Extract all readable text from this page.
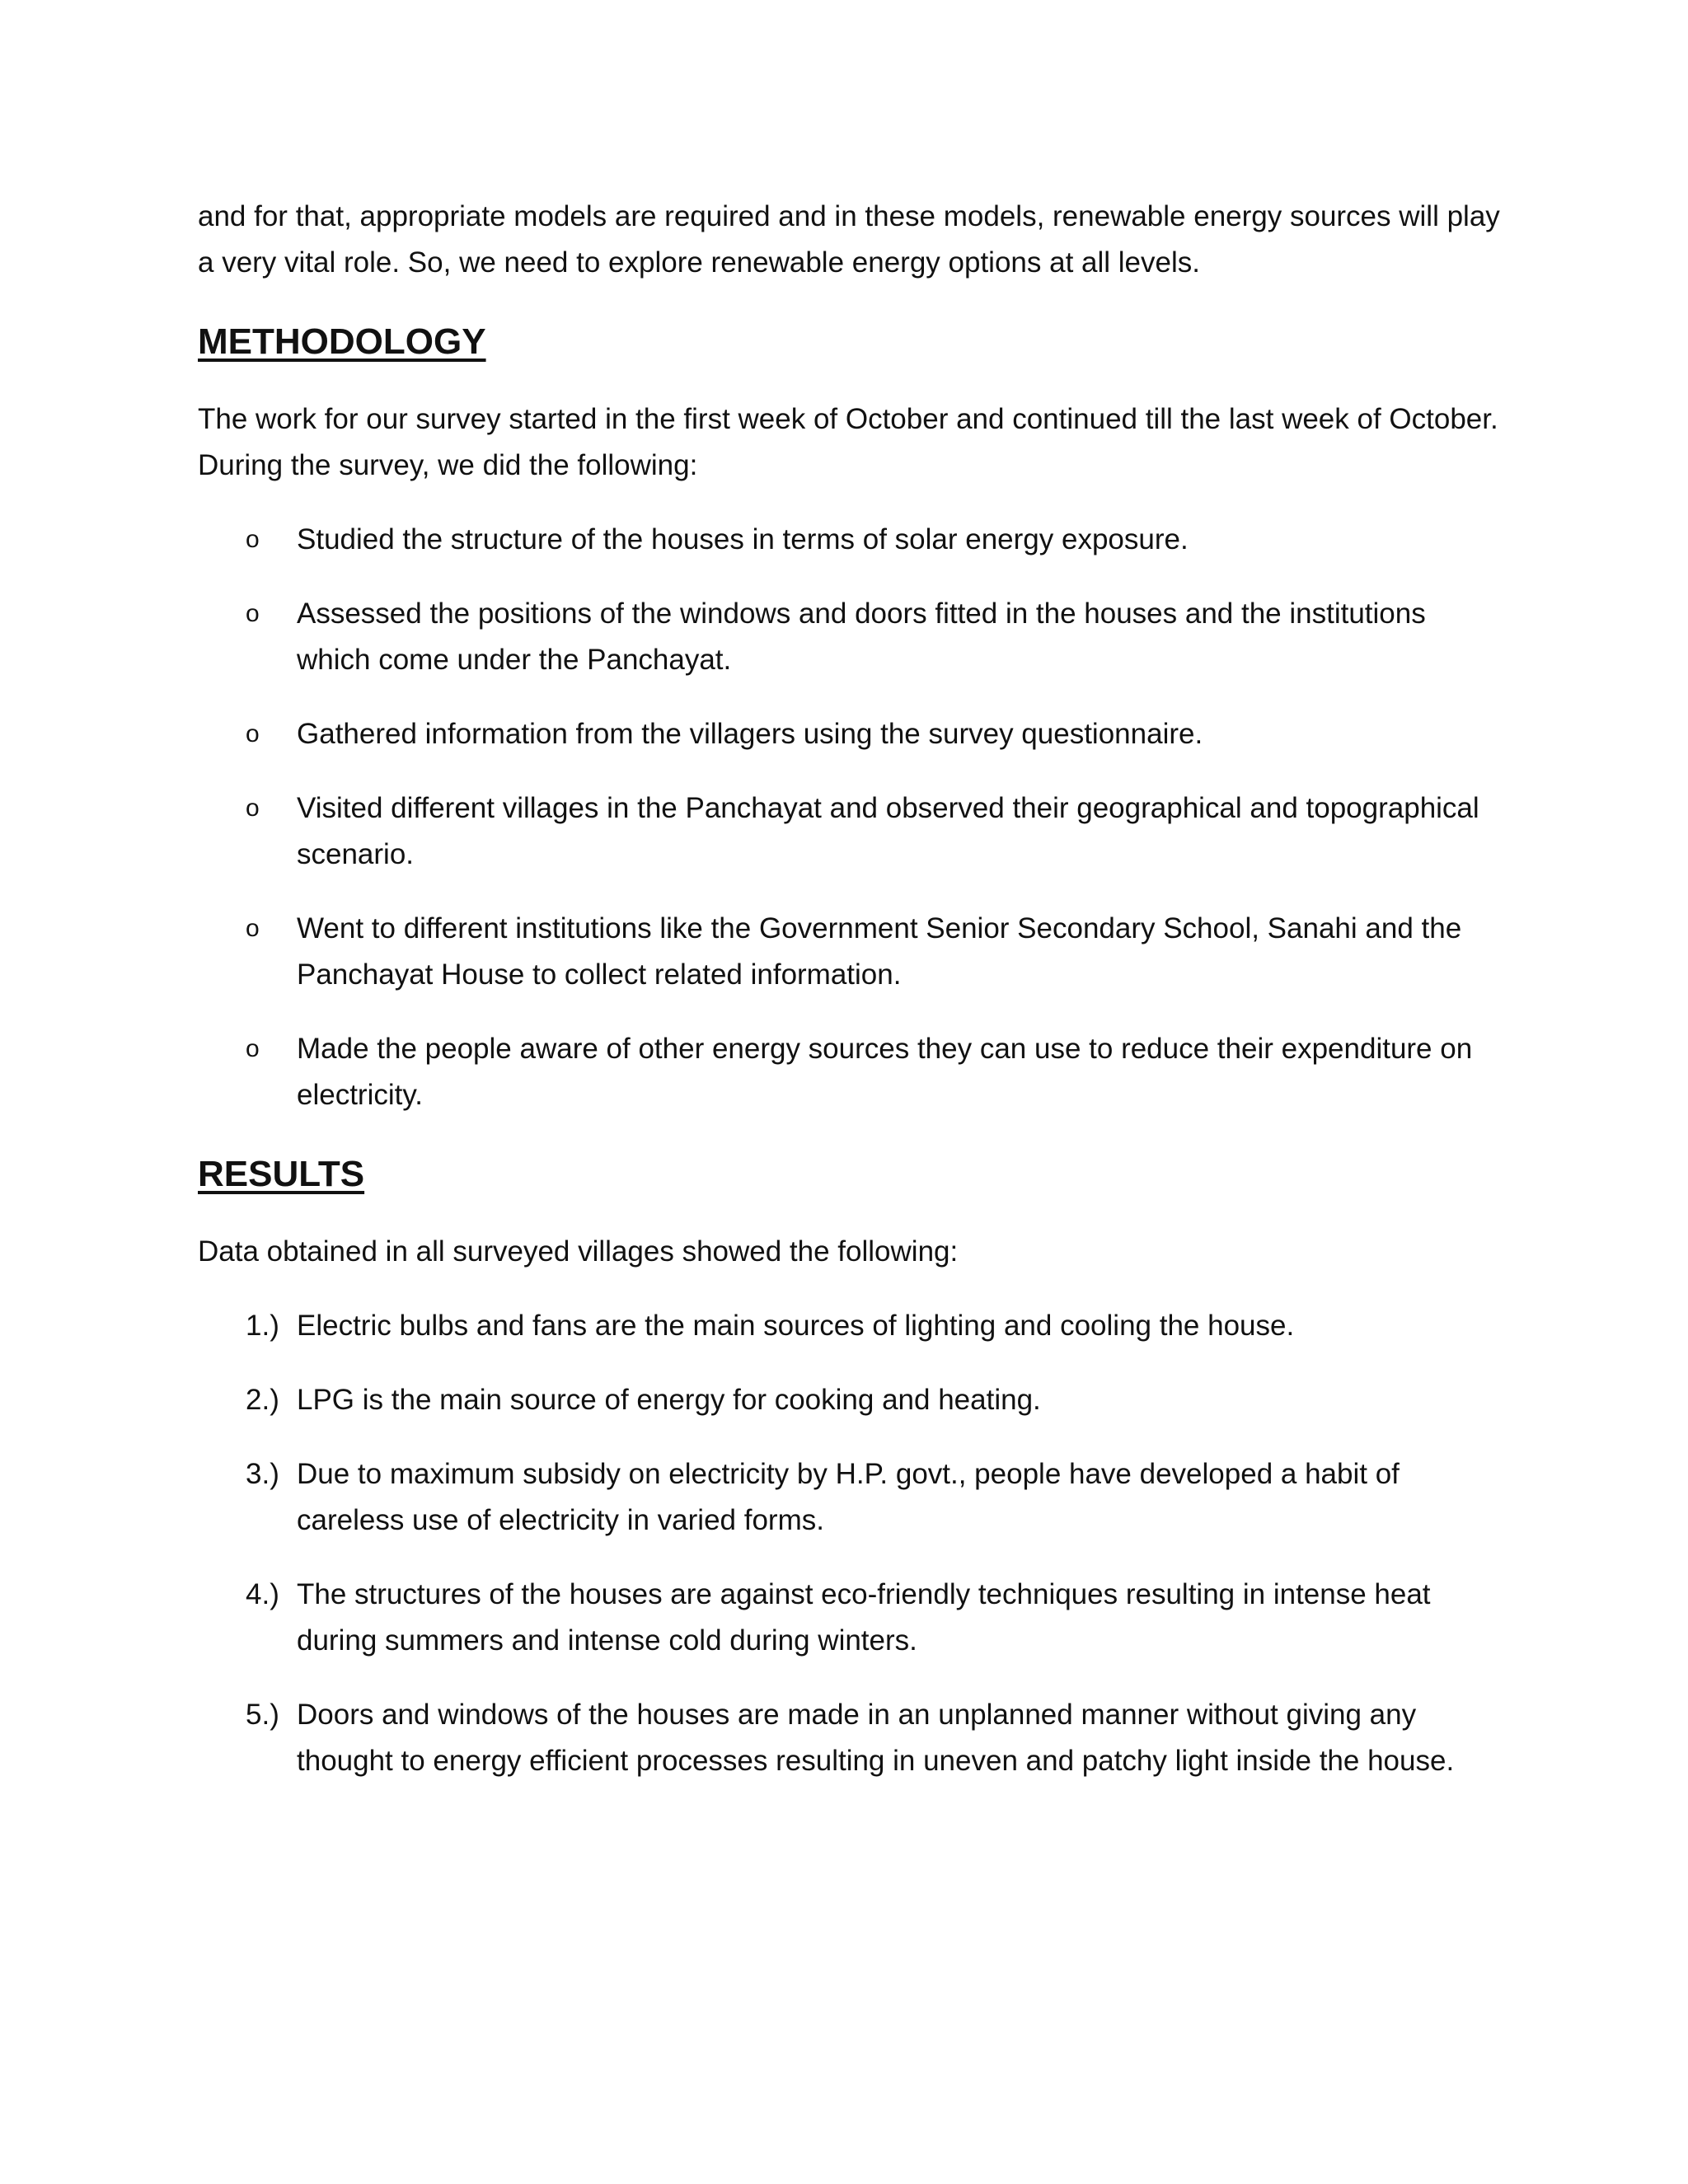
and for that, appropriate models are required and in these models, renewable energy sources will play a very vital role. So, we need to explore renewable energy options at all levels.

METHODOLOGY

The work for our survey started in the first week of October and continued till the last week of October. During the survey, we did the following:

o	Studied the structure of the houses in terms of solar energy exposure.
o	Assessed the positions of the windows and doors fitted in the houses and the institutions which come under the Panchayat.
o	Gathered information from the villagers using the survey questionnaire.
o	Visited different villages in the Panchayat and observed their geographical and topographical scenario.
o	Went to different institutions like the Government Senior Secondary School, Sanahi and the Panchayat House to collect related information.
o	Made the people aware of other energy sources they can use to reduce their expenditure on electricity.
RESULTS

Data obtained in all surveyed villages showed the following:

1.) Electric bulbs and fans are the main sources of lighting and cooling the house.
2.) LPG is the main source of energy for cooking and heating.
3.) Due to maximum subsidy on electricity by H.P. govt., people have developed a habit of careless use of electricity in varied forms.
4.) The structures of the houses are against eco-friendly techniques resulting in intense heat during summers and intense cold during winters.
5.) Doors and windows of the houses are made in an unplanned manner without giving any thought to energy efficient processes resulting in uneven and patchy light inside the house.
